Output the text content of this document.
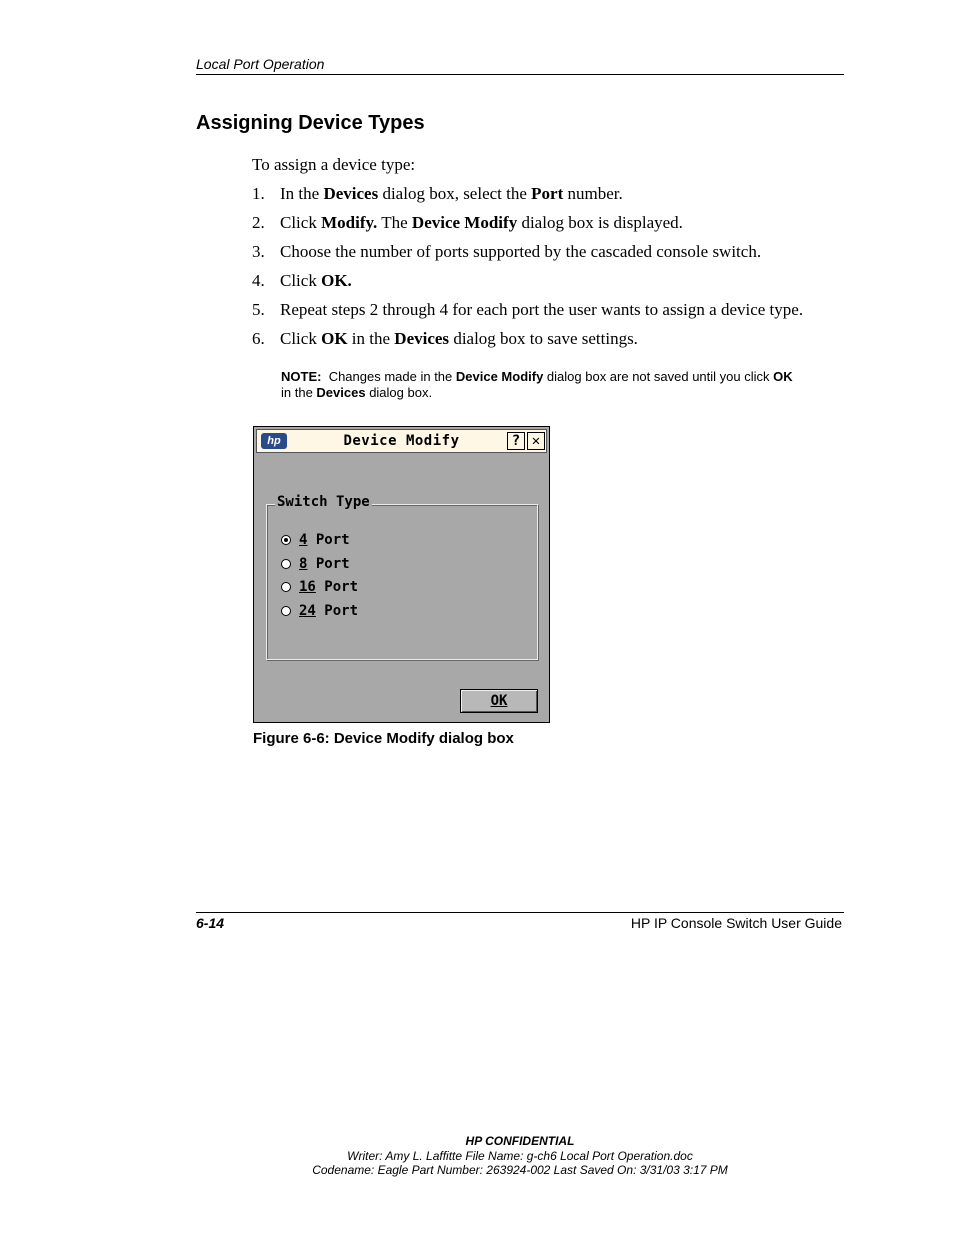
Local Port Operation
Assigning Device Types
To assign a device type:
1. In the Devices dialog box, select the Port number.
2. Click Modify. The Device Modify dialog box is displayed.
3. Choose the number of ports supported by the cascaded console switch.
4. Click OK.
5. Repeat steps 2 through 4 for each port the user wants to assign a device type.
6. Click OK in the Devices dialog box to save settings.
NOTE: Changes made in the Device Modify dialog box are not saved until you click OK
in the Devices dialog box.
hp	Device Modify	? ✕
Switch Type
4 Port
8 Port
16 Port
24 Port
OK
Figure 6-6: Device Modify dialog box
6-14	HP IP Console Switch User Guide
HP CONFIDENTIAL
Writer: Amy L. Laffitte File Name: g-ch6 Local Port Operation.doc
Codename: Eagle Part Number: 263924-002 Last Saved On: 3/31/03 3:17 PM
